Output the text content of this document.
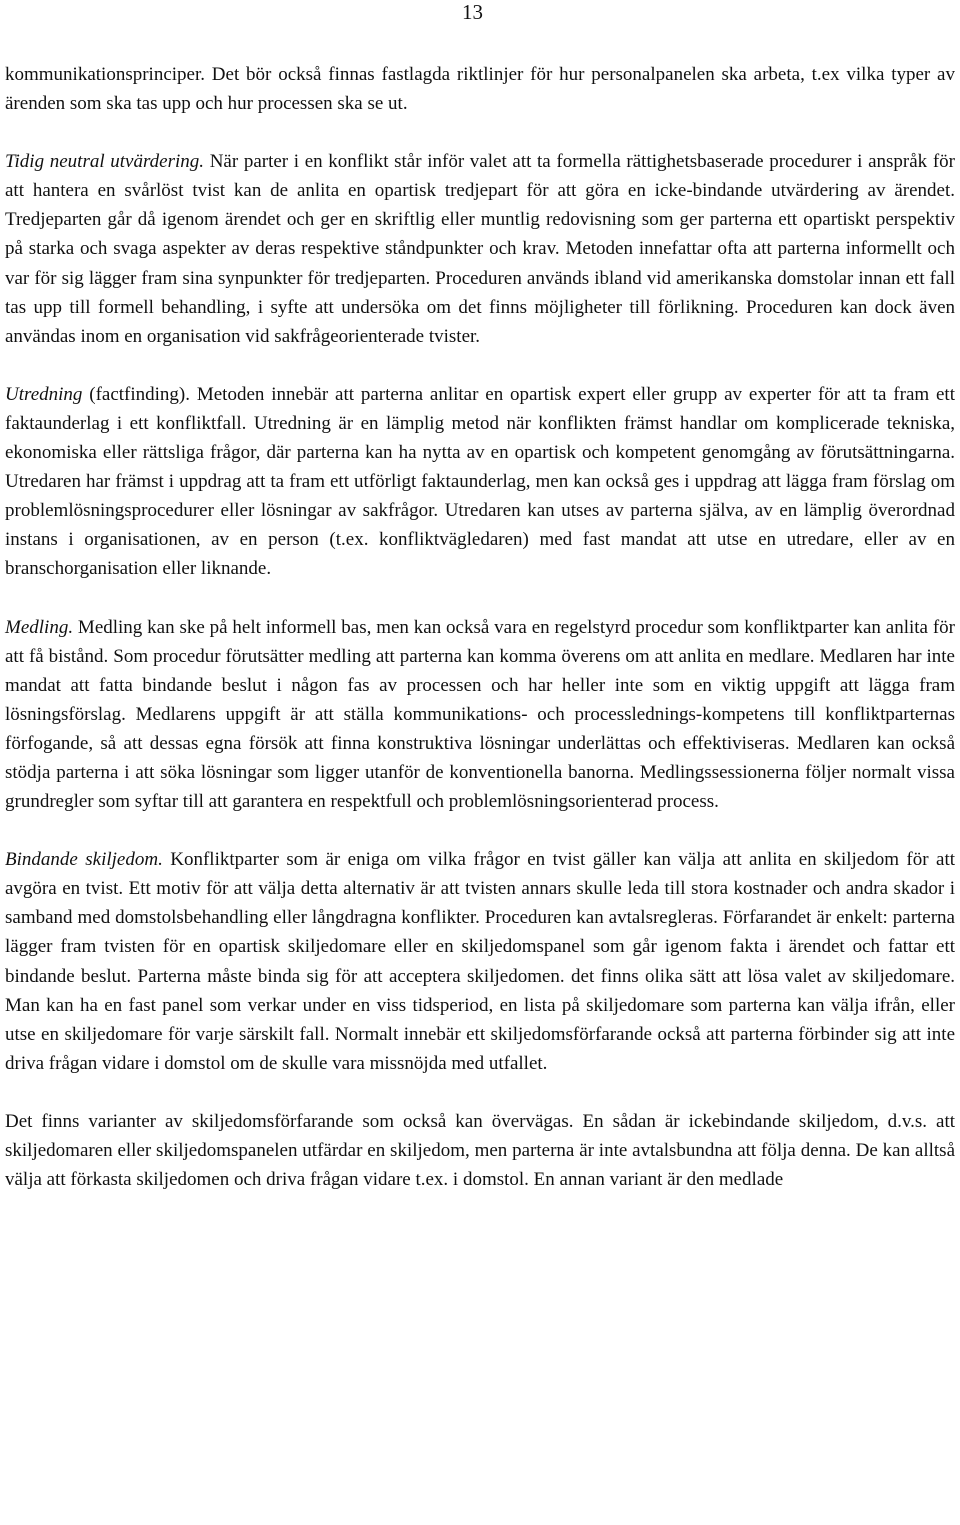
13

kommunikationsprinciper. Det bör också finnas fastlagda riktlinjer för hur personalpanelen ska arbeta, t.ex vilka typer av ärenden som ska tas upp och hur processen ska se ut.

Tidig neutral utvärdering. När parter i en konflikt står inför valet att ta formella rättighetsbaserade procedurer i anspråk för att hantera en svårlöst tvist kan de anlita en opartisk tredjepart för att göra en icke-bindande utvärdering av ärendet. Tredjeparten går då igenom ärendet och ger en skriftlig eller muntlig redovisning som ger parterna ett opartiskt perspektiv på starka och svaga aspekter av deras respektive ståndpunkter och krav. Metoden innefattar ofta att parterna informellt och var för sig lägger fram sina synpunkter för tredjeparten. Proceduren används ibland vid amerikanska domstolar innan ett fall tas upp till formell behandling, i syfte att undersöka om det finns möjligheter till förlikning. Proceduren kan dock även användas inom en organisation vid sakfrågeorienterade tvister.

Utredning (factfinding). Metoden innebär att parterna anlitar en opartisk expert eller grupp av experter för att ta fram ett faktaunderlag i ett konfliktfall. Utredning är en lämplig metod när konflikten främst handlar om komplicerade tekniska, ekonomiska eller rättsliga frågor, där parterna kan ha nytta av en opartisk och kompetent genomgång av förutsättningarna. Utredaren har främst i uppdrag att ta fram ett utförligt faktaunderlag, men kan också ges i uppdrag att lägga fram förslag om problemlösningsprocedurer eller lösningar av sakfrågor. Utredaren kan utses av parterna själva, av en lämplig överordnad instans i organisationen, av en person (t.ex. konfliktvägledaren) med fast mandat att utse en utredare, eller av en branschorganisation eller liknande.

Medling. Medling kan ske på helt informell bas, men kan också vara en regelstyrd procedur som konfliktparter kan anlita för att få bistånd. Som procedur förutsätter medling att parterna kan komma överens om att anlita en medlare. Medlaren har inte mandat att fatta bindande beslut i någon fas av processen och har heller inte som en viktig uppgift att lägga fram lösningsförslag. Medlarens uppgift är att ställa kommunikations- och processlednings-kompetens till konfliktparternas förfogande, så att dessas egna försök att finna konstruktiva lösningar underlättas och effektiviseras. Medlaren kan också stödja parterna i att söka lösningar som ligger utanför de konventionella banorna. Medlingssessionerna följer normalt vissa grundregler som syftar till att garantera en respektfull och problemlösningsorienterad process.

Bindande skiljedom. Konfliktparter som är eniga om vilka frågor en tvist gäller kan välja att anlita en skiljedom för att avgöra en tvist. Ett motiv för att välja detta alternativ är att tvisten annars skulle leda till stora kostnader och andra skador i samband med domstolsbehandling eller långdragna konflikter. Proceduren kan avtalsregleras. Förfarandet är enkelt: parterna lägger fram tvisten för en opartisk skiljedomare eller en skiljedomspanel som går igenom fakta i ärendet och fattar ett bindande beslut. Parterna måste binda sig för att acceptera skiljedomen. det finns olika sätt att lösa valet av skiljedomare. Man kan ha en fast panel som verkar under en viss tidsperiod, en lista på skiljedomare som parterna kan välja ifrån, eller utse en skiljedomare för varje särskilt fall. Normalt innebär ett skiljedomsförfarande också att parterna förbinder sig att inte driva frågan vidare i domstol om de skulle vara missnöjda med utfallet.

Det finns varianter av skiljedomsförfarande som också kan övervägas. En sådan är ickebindande skiljedom, d.v.s. att skiljedomaren eller skiljedomspanelen utfärdar en skiljedom, men parterna är inte avtalsbundna att följa denna. De kan alltså välja att förkasta skiljedomen och driva frågan vidare t.ex. i domstol. En annan variant är den medlade
